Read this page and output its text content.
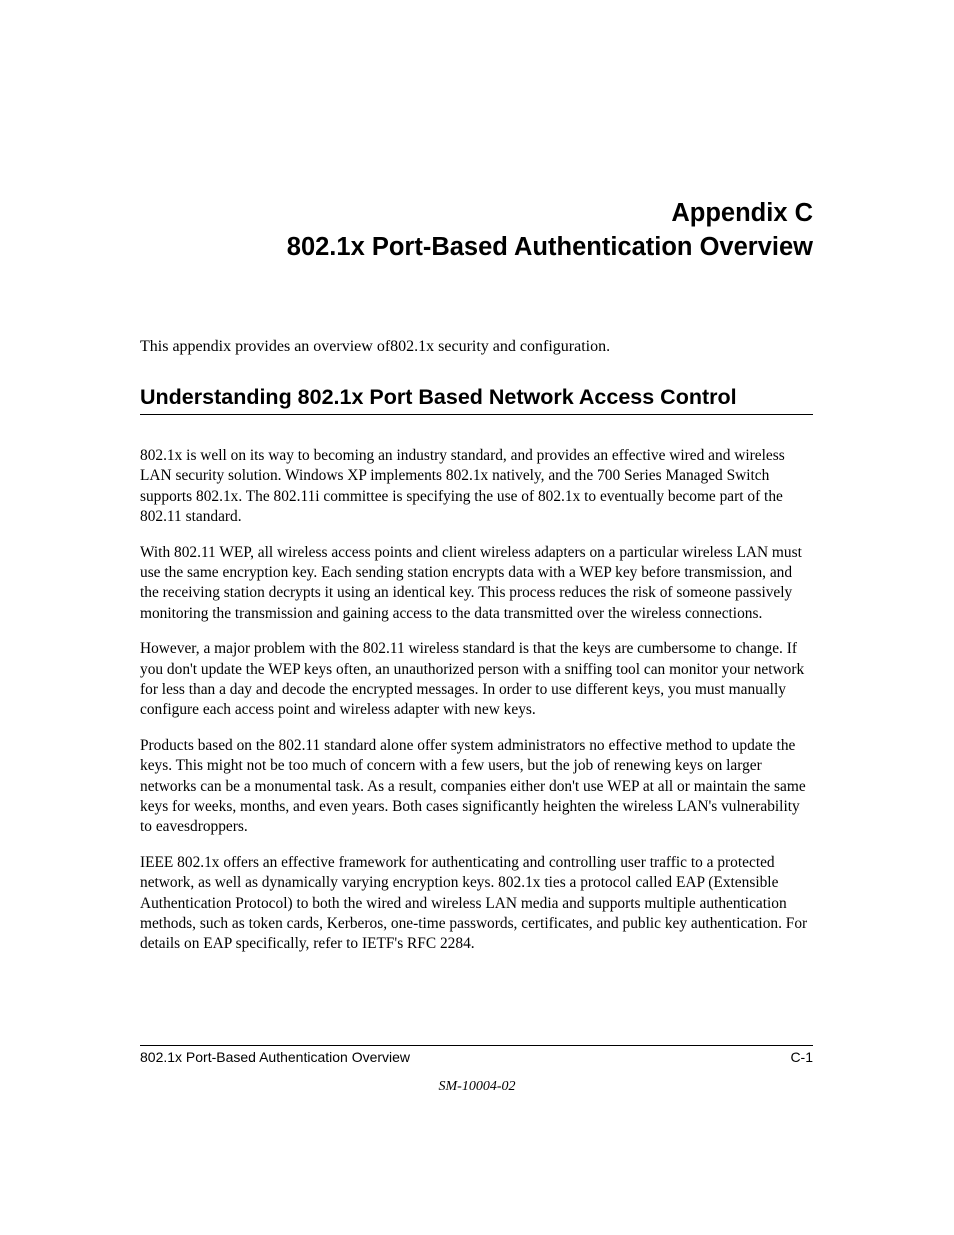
Appendix C
802.1x Port-Based Authentication Overview

This appendix provides an overview of802.1x security and configuration.

Understanding 802.1x Port Based Network Access Control

802.1x is well on its way to becoming an industry standard, and provides an effective wired and wireless LAN security solution. Windows XP implements 802.1x natively, and the 700 Series Managed Switch supports 802.1x. The 802.11i committee is specifying the use of 802.1x to eventually become part of the 802.11 standard.

With 802.11 WEP, all wireless access points and client wireless adapters on a particular wireless LAN must use the same encryption key. Each sending station encrypts data with a WEP key before transmission, and the receiving station decrypts it using an identical key. This process reduces the risk of someone passively monitoring the transmission and gaining access to the data transmitted over the wireless connections.

However, a major problem with the 802.11 wireless standard is that the keys are cumbersome to change. If you don't update the WEP keys often, an unauthorized person with a sniffing tool can monitor your network for less than a day and decode the encrypted messages. In order to use different keys, you must manually configure each access point and wireless adapter with new keys.

Products based on the 802.11 standard alone offer system administrators no effective method to update the keys. This might not be too much of concern with a few users, but the job of renewing keys on larger networks can be a monumental task. As a result, companies either don't use WEP at all or maintain the same keys for weeks, months, and even years. Both cases significantly heighten the wireless LAN's vulnerability to eavesdroppers.

IEEE 802.1x offers an effective framework for authenticating and controlling user traffic to a protected network, as well as dynamically varying encryption keys. 802.1x ties a protocol called EAP (Extensible Authentication Protocol) to both the wired and wireless LAN media and supports multiple authentication methods, such as token cards, Kerberos, one-time passwords, certificates, and public key authentication. For details on EAP specifically, refer to IETF's RFC 2284.

802.1x Port-Based Authentication Overview	C-1
SM-10004-02
